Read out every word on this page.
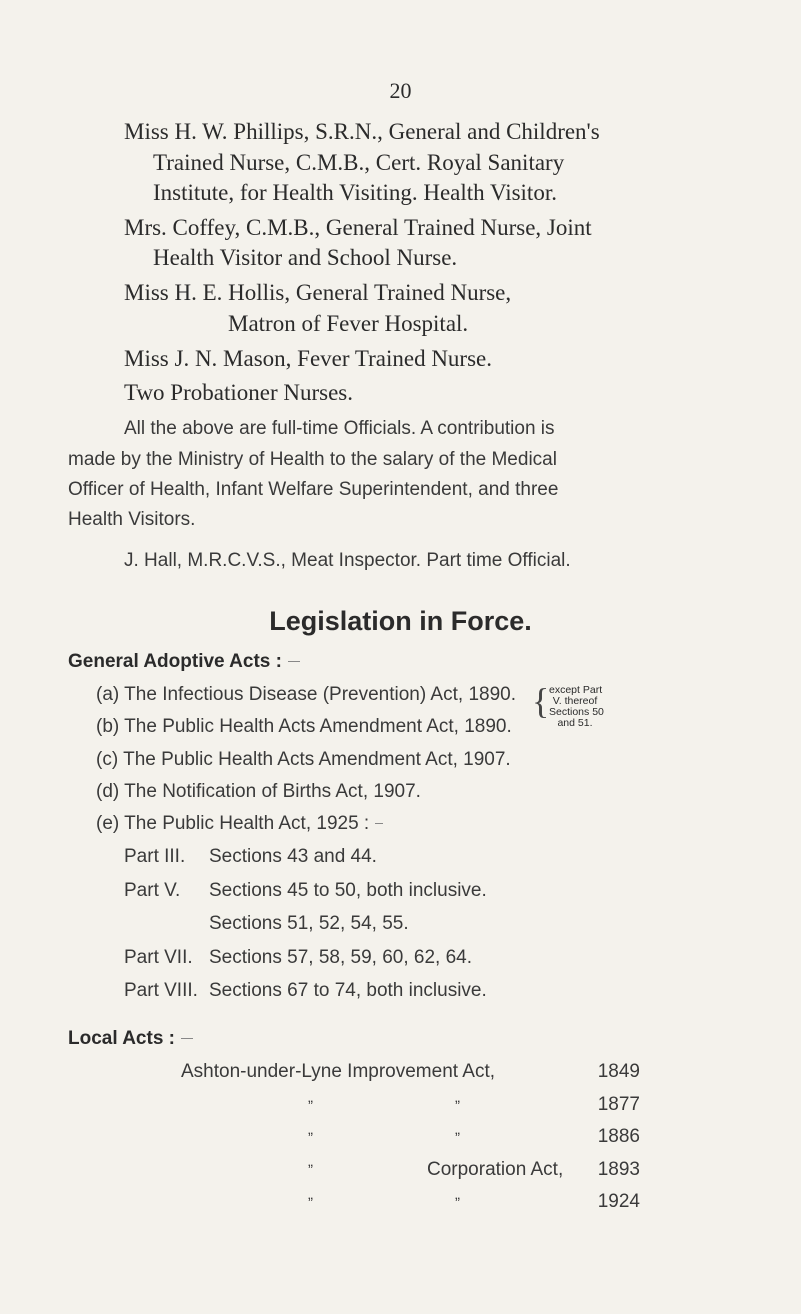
20
Miss H. W. Phillips, S.R.N., General and Children's
Trained Nurse, C.M.B., Cert. Royal Sanitary
Institute, for Health Visiting. Health Visitor.
Mrs. Coffey, C.M.B., General Trained Nurse, Joint
Health Visitor and School Nurse.
Miss H. E. Hollis, General Trained Nurse,
Matron of Fever Hospital.
Miss J. N. Mason, Fever Trained Nurse.
Two Probationer Nurses.
All the above are full-time Officials. A contribution is
made by the Ministry of Health to the salary of the Medical
Officer of Health, Infant Welfare Superintendent, and three
Health Visitors.
J. Hall, M.R.C.V.S., Meat Inspector. Part time Official.
Legislation in Force.
General Adoptive Acts :
(a) The Infectious Disease (Prevention) Act, 1890.
(b) The Public Health Acts Amendment Act, 1890.
{ except Part
V. thereof
Sections 50
and 51.
(c) The Public Health Acts Amendment Act, 1907.
(d) The Notification of Births Act, 1907.
(e) The Public Health Act, 1925 :
Part III. Sections 43 and 44.
Part V. Sections 45 to 50, both inclusive.
Sections 51, 52, 54, 55.
Part VII. Sections 57, 58, 59, 60, 62, 64.
Part VIII. Sections 67 to 74, both inclusive.
Local Acts :
Ashton-under-Lyne Improvement Act,	1849
„	„	1877
„	„	1886
„	Corporation Act,	1893
„	„	1924
